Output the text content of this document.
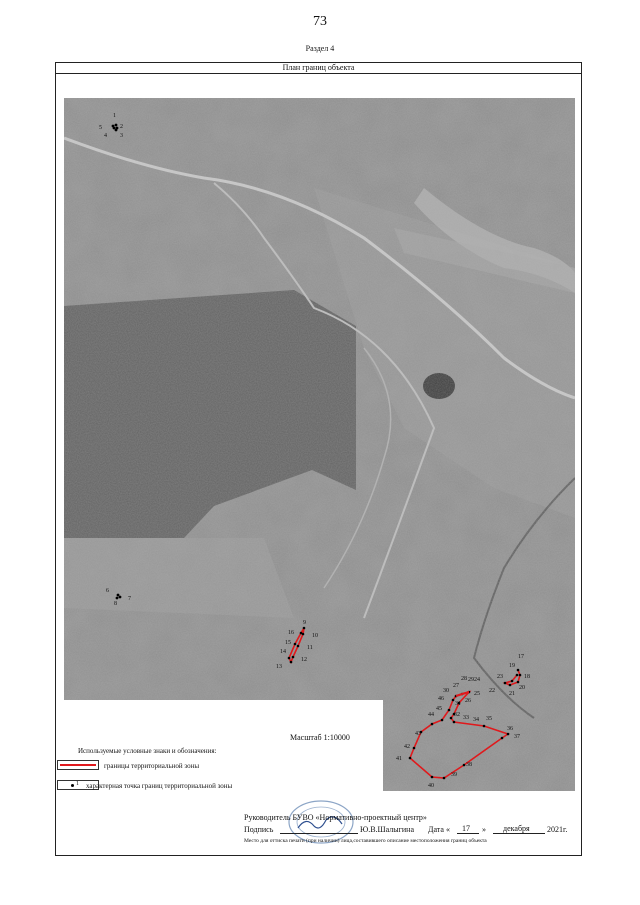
73
Раздел 4
План границ объекта
1
2
3
4
5
6
7
8
9
10
11
12
13
14
15
16
17
18
19
20
21
22
23
24
25
26
27
28 29
30
31
32 33 34 35
36
37
38
39
40
41
42
43
44
45
46
Масштаб 1:10000
Используемые условные знаки и обозначения:
границы территориальной зоны
1 характерная точка границ территориальной зоны
Руководитель БУВО «Нормативно-проектный центр»
Подпись	Ю.В.Шалыгина Дата « 17 » декабря 2021г.
Место для оттиска печати (при наличии) лица,составившего описание местоположения границ объекта
